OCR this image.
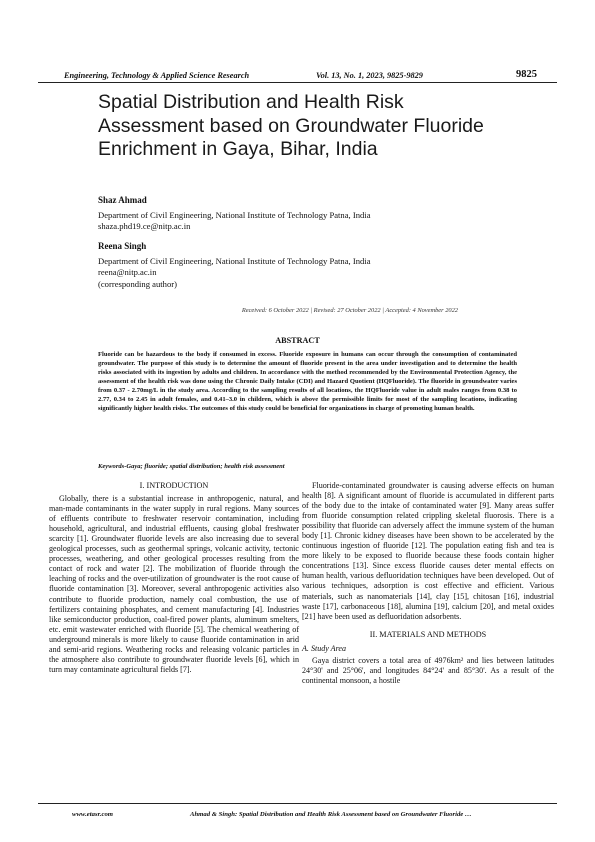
Engineering, Technology & Applied Science Research	Vol. 13, No. 1, 2023, 9825-9829	9825
Spatial Distribution and Health Risk
Assessment based on Groundwater Fluoride
Enrichment in Gaya, Bihar, India
Shaz Ahmad
Department of Civil Engineering, National Institute of Technology Patna, India
shaza.phd19.ce@nitp.ac.in
Reena Singh
Department of Civil Engineering, National Institute of Technology Patna, India
reena@nitp.ac.in
(corresponding author)
Received: 6 October 2022 | Revised: 27 October 2022 | Accepted: 4 November 2022
ABSTRACT
Fluoride can be hazardous to the body if consumed in excess. Fluoride exposure in humans can occur through the consumption of contaminated groundwater. The purpose of this study is to determine the amount of fluoride present in the area under investigation and to determine the health risks associated with its ingestion by adults and children. In accordance with the method recommended by the Environmental Protection Agency, the assessment of the health risk was done using the Chronic Daily Intake (CDI) and Hazard Quotient (HQFluoride). The fluoride in groundwater varies from 0.37 - 2.70mg/L in the study area. According to the sampling results of all locations, the HQFluoride value in adult males ranges from 0.38 to 2.77, 0.34 to 2.45 in adult females, and 0.41–3.0 in children, which is above the permissible limits for most of the sampling locations, indicating significantly higher health risks. The outcomes of this study could be beneficial for organizations in charge of promoting human health.
Keywords-Gaya; fluoride; spatial distribution; health risk assessment
I. INTRODUCTION
Globally, there is a substantial increase in anthropogenic, natural, and man-made contaminants in the water supply in rural regions. Many sources of effluents contribute to freshwater reservoir contamination, including household, agricultural, and industrial effluents, causing global freshwater scarcity [1]. Groundwater fluoride levels are also increasing due to several geological processes, such as geothermal springs, volcanic activity, tectonic processes, weathering, and other geological processes resulting from the contact of rock and water [2]. The mobilization of fluoride through the leaching of rocks and the over-utilization of groundwater is the root cause of fluoride contamination [3]. Moreover, several anthropogenic activities also contribute to fluoride production, namely coal combustion, the use of fertilizers containing phosphates, and cement manufacturing [4]. Industries like semiconductor production, coal-fired power plants, aluminum smelters, etc. emit wastewater enriched with fluoride [5]. The chemical weathering of underground minerals is more likely to cause fluoride contamination in arid and semi-arid regions. Weathering rocks and releasing volcanic particles in the atmosphere also contribute to groundwater fluoride levels [6], which in turn may contaminate agricultural fields [7].
Fluoride-contaminated groundwater is causing adverse effects on human health [8]. A significant amount of fluoride is accumulated in different parts of the body due to the intake of contaminated water [9]. Many areas suffer from fluoride consumption related crippling skeletal fluorosis. There is a possibility that fluoride can adversely affect the immune system of the human body [1]. Chronic kidney diseases have been shown to be accelerated by the continuous ingestion of fluoride [12]. The population eating fish and tea is more likely to be exposed to fluoride because these foods contain higher concentrations [13]. Since excess fluoride causes deter mental effects on human health, various defluoridation techniques have been developed. Out of various techniques, adsorption is cost effective and efficient. Various materials, such as nanomaterials [14], clay [15], chitosan [16], industrial waste [17], carbonaceous [18], alumina [19], calcium [20], and metal oxides [21] have been used as defluoridation adsorbents.
II. MATERIALS AND METHODS
A. Study Area
Gaya district covers a total area of 4976km² and lies between latitudes 24°30' and 25°06', and longitudes 84°24' and 85°30'. As a result of the continental monsoon, a hostile
www.etasr.com	Ahmad & Singh: Spatial Distribution and Health Risk Assessment based on Groundwater Fluoride …
